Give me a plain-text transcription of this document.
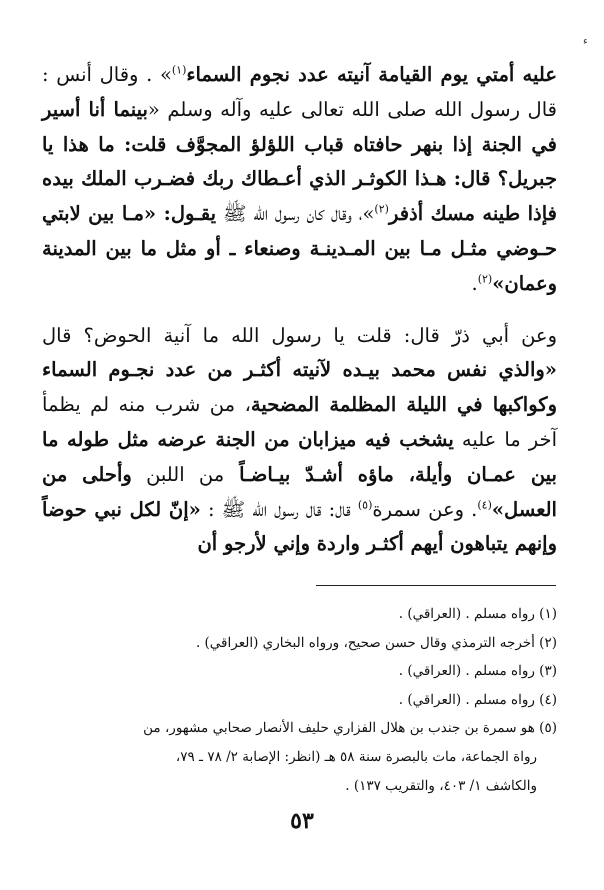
ء

عليه أمتي يوم القيامة آنيته عدد نجوم السماء$^{(١)}$» . وقال أنس : قال رسول الله صلى الله تعالى عليه وآله وسلم «بينما أنا أسير في الجنة إذا بنهر حافتاه قباب اللؤلؤ المجوَّف قلت: ما هذا يا جبريل؟ قال: هـذا الكوثـر الذي أعـطاك ربك فضـرب الملك بيده فإذا طينه مسك أذفر$^{(٢)}$»، وقال كان رسول الله ﷺ يقـول: «مـا بين لابتي حـوضي مثـل مـا بين المـدينـة وصنعاء ـ أو مثل ما بين المدينة وعمان»$^{(٢)}$.

وعن أبي ذرّ قال: قلت يا رسول الله ما آنية الحوض؟ قال «والذي نفس محمد بيـده لآنيته أكثـر من عدد نجـوم السماء وكواكبها في الليلة المظلمة المضحية، من شرب منه لم يظمأ آخر ما عليه يشخب فيه ميزابان من الجنة عرضه مثل طوله ما بين عمـان وأيلة، ماؤه أشـدّ بيـاضـاً من اللبن وأحلى من العسل»$^{(٤)}$. وعن سمرة$^{(٥)}$ قال: قال رسول الله ﷺ : «إنّ لكل نبي حوضاً وإنهم يتباهون أيهم أكثـر واردة وإني لأرجو أن

(١) رواه مسلم . (العراقي) .
(٢) أخرجه الترمذي وقال حسن صحيح، ورواه البخاري (العراقي) .
(٣) رواه مسلم . (العراقي) .
(٤) رواه مسلم . (العراقي) .
(٥) هو سمرة بن جندب بن هلال الفزاري حليف الأنصار صحابي مشهور، من
رواة الجماعة، مات بالبصرة سنة ٥٨ هـ (انظر: الإصابة ٢/ ٧٨ ـ ٧٩،
والكاشف ١/ ٤٠٣، والتقريب ١٣٧) .
٥٣
